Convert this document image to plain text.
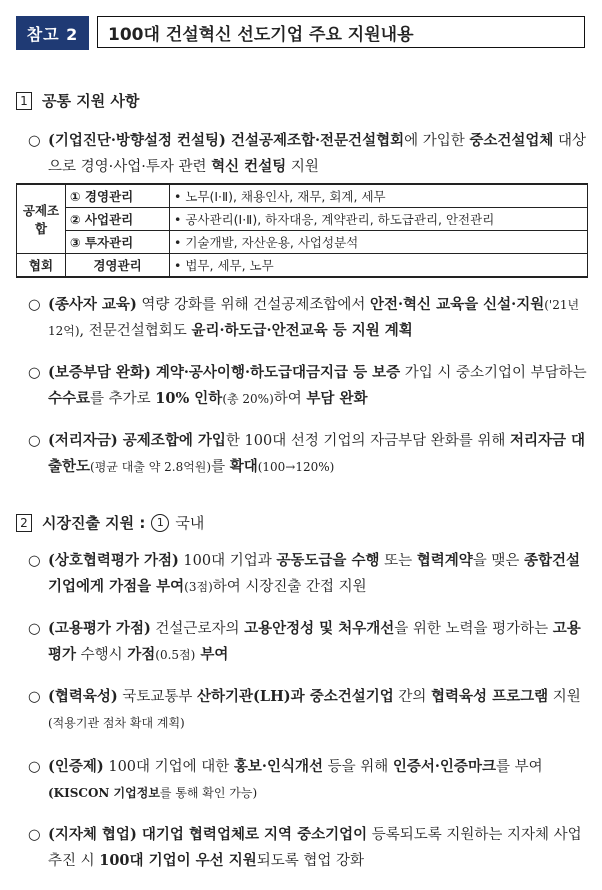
참고 2	100대 건설혁신 선도기업 주요 지원내용
1 공통 지원 사항
○ (기업진단·방향설정 컨설팅) 건설공제조합·전문건설협회에 가입한 중소건설업체 대상으로 경영·사업·투자 관련 혁신 컨설팅 지원
공제조합	① 경영관리	• 노무(Ⅰ·Ⅱ), 채용인사, 재무, 회계, 세무
	② 사업관리	• 공사관리(Ⅰ·Ⅱ), 하자대응, 계약관리, 하도급관리, 안전관리
	③ 투자관리	• 기술개발, 자산운용, 사업성분석
협회	경영관리	• 법무, 세무, 노무
○ (종사자 교육) 역량 강화를 위해 건설공제조합에서 안전·혁신 교육을 신설·지원('21년 12억), 전문건설협회도 윤리·하도급·안전교육 등 지원 계획
○ (보증부담 완화) 계약·공사이행·하도급대금지급 등 보증 가입 시 중소기업이 부담하는 수수료를 추가로 10% 인하(총 20%)하여 부담 완화
○ (저리자금) 공제조합에 가입한 100대 선정 기업의 자금부담 완화를 위해 저리자금 대출한도(평균 대출 약 2.8억원)를 확대(100→120%)
2 시장진출 지원 :	1 국내
○ (상호협력평가 가점) 100대 기업과 공동도급을 수행 또는 협력계약을 맺은 종합건설기업에게 가점을 부여(3점)하여 시장진출 간접 지원
○ (고용평가 가점) 건설근로자의 고용안정성 및 처우개선을 위한 노력을 평가하는 고용평가 수행시 가점(0.5점) 부여
○ (협력육성) 국토교통부 산하기관(LH)과 중소건설기업 간의 협력육성 프로그램 지원(적용기관 점차 확대 계획)
○ (인증제) 100대 기업에 대한 홍보·인식개선 등을 위해 인증서·인증마크를 부여(KISCON 기업정보를 통해 확인 가능)
○ (지자체 협업) 대기업 협력업체로 지역 중소기업이 등록되도록 지원하는 지자체 사업 추진 시 100대 기업이 우선 지원되도록 협업 강화
